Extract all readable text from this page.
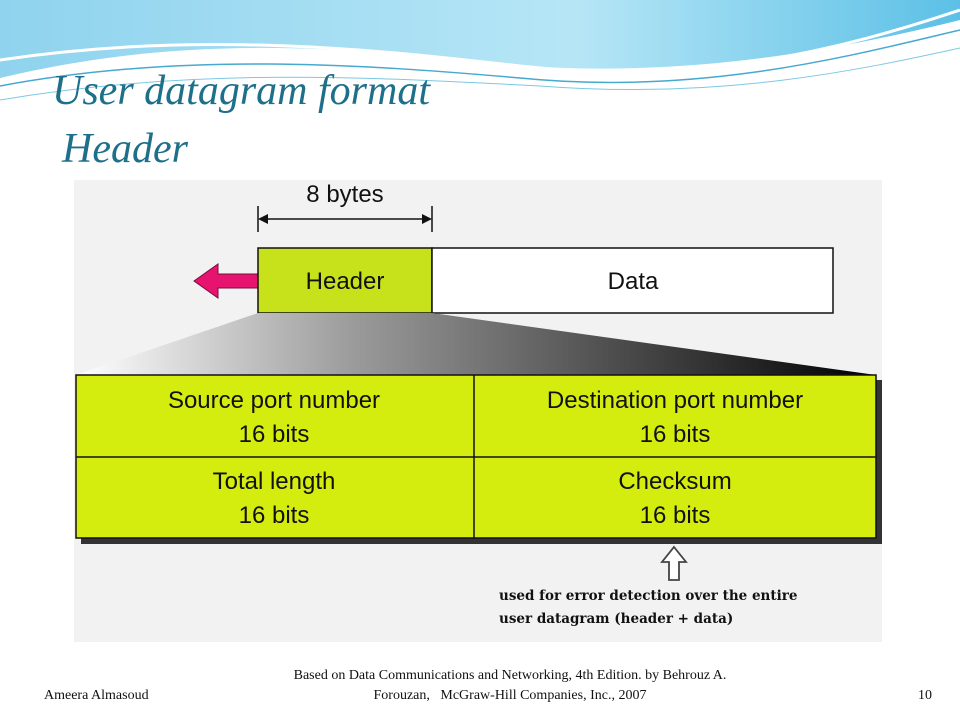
User datagram format
Header
8 bytes
Header	Data
Source port number
16 bits
Destination port number
16 bits
Total length
16 bits
Checksum
16 bits
used for error detection over the entire
user datagram (header + data)
Ameera Almasoud
Based on Data Communications and Networking, 4th Edition. by Behrouz A.
Forouzan,   McGraw-Hill Companies, Inc., 2007	10
